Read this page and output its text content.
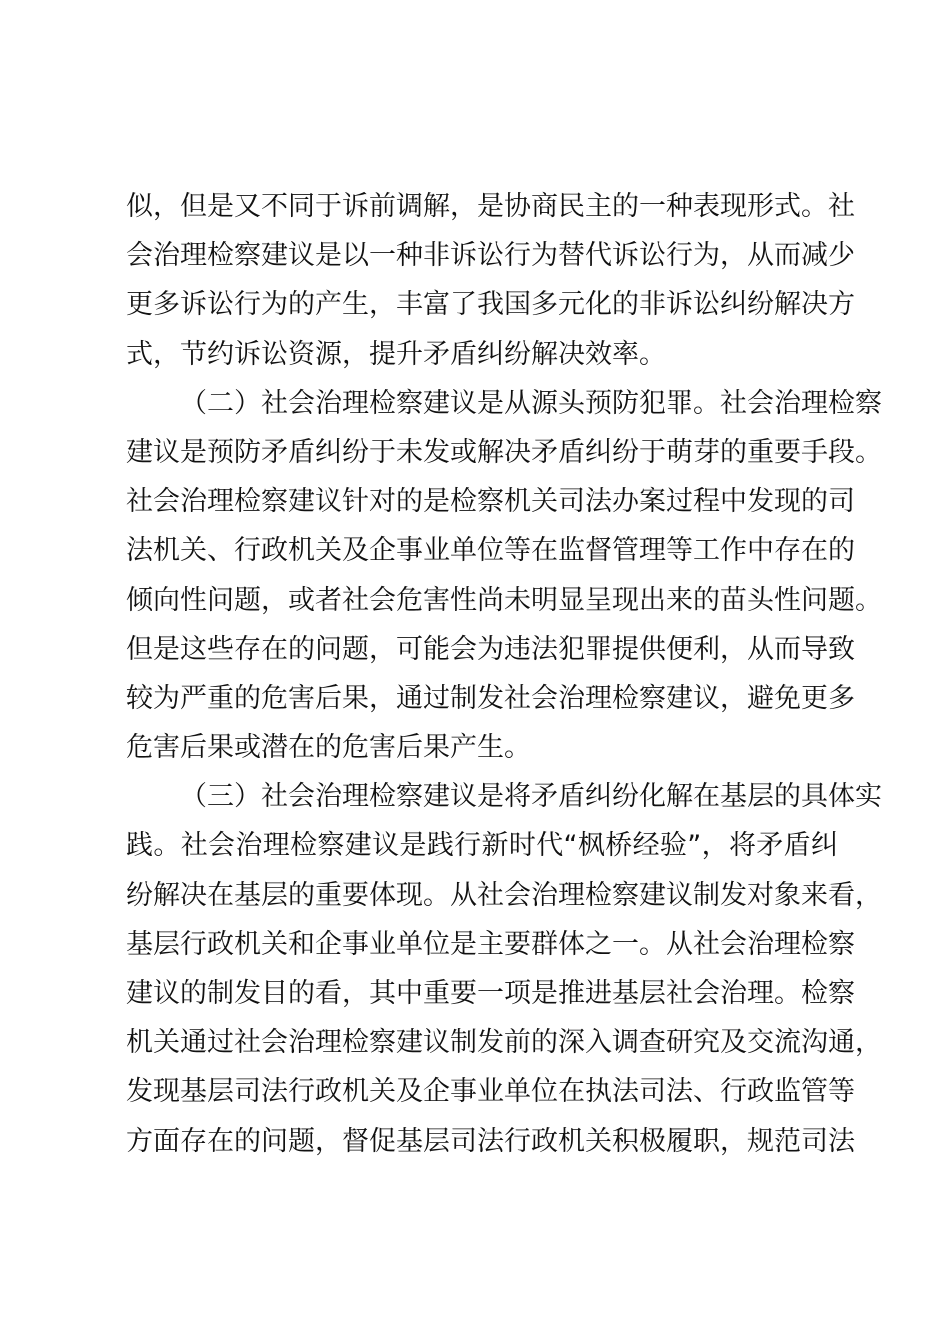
似，但是又不同于诉前调解，是协商民主的一种表现形式。社
会治理检察建议是以一种非诉讼行为替代诉讼行为，从而减少
更多诉讼行为的产生，丰富了我国多元化的非诉讼纠纷解决方
式，节约诉讼资源，提升矛盾纠纷解决效率。
（二）社会治理检察建议是从源头预防犯罪。社会治理检察
建议是预防矛盾纠纷于未发或解决矛盾纠纷于萌芽的重要手段。
社会治理检察建议针对的是检察机关司法办案过程中发现的司
法机关、行政机关及企事业单位等在监督管理等工作中存在的
倾向性问题，或者社会危害性尚未明显呈现出来的苗头性问题。
但是这些存在的问题，可能会为违法犯罪提供便利，从而导致
较为严重的危害后果，通过制发社会治理检察建议，避免更多
危害后果或潜在的危害后果产生。
（三）社会治理检察建议是将矛盾纠纷化解在基层的具体实
践。社会治理检察建议是践行新时代“枫桥经验”，将矛盾纠
纷解决在基层的重要体现。从社会治理检察建议制发对象来看，
基层行政机关和企事业单位是主要群体之一。从社会治理检察
建议的制发目的看，其中重要一项是推进基层社会治理。检察
机关通过社会治理检察建议制发前的深入调查研究及交流沟通，
发现基层司法行政机关及企事业单位在执法司法、行政监管等
方面存在的问题，督促基层司法行政机关积极履职，规范司法
